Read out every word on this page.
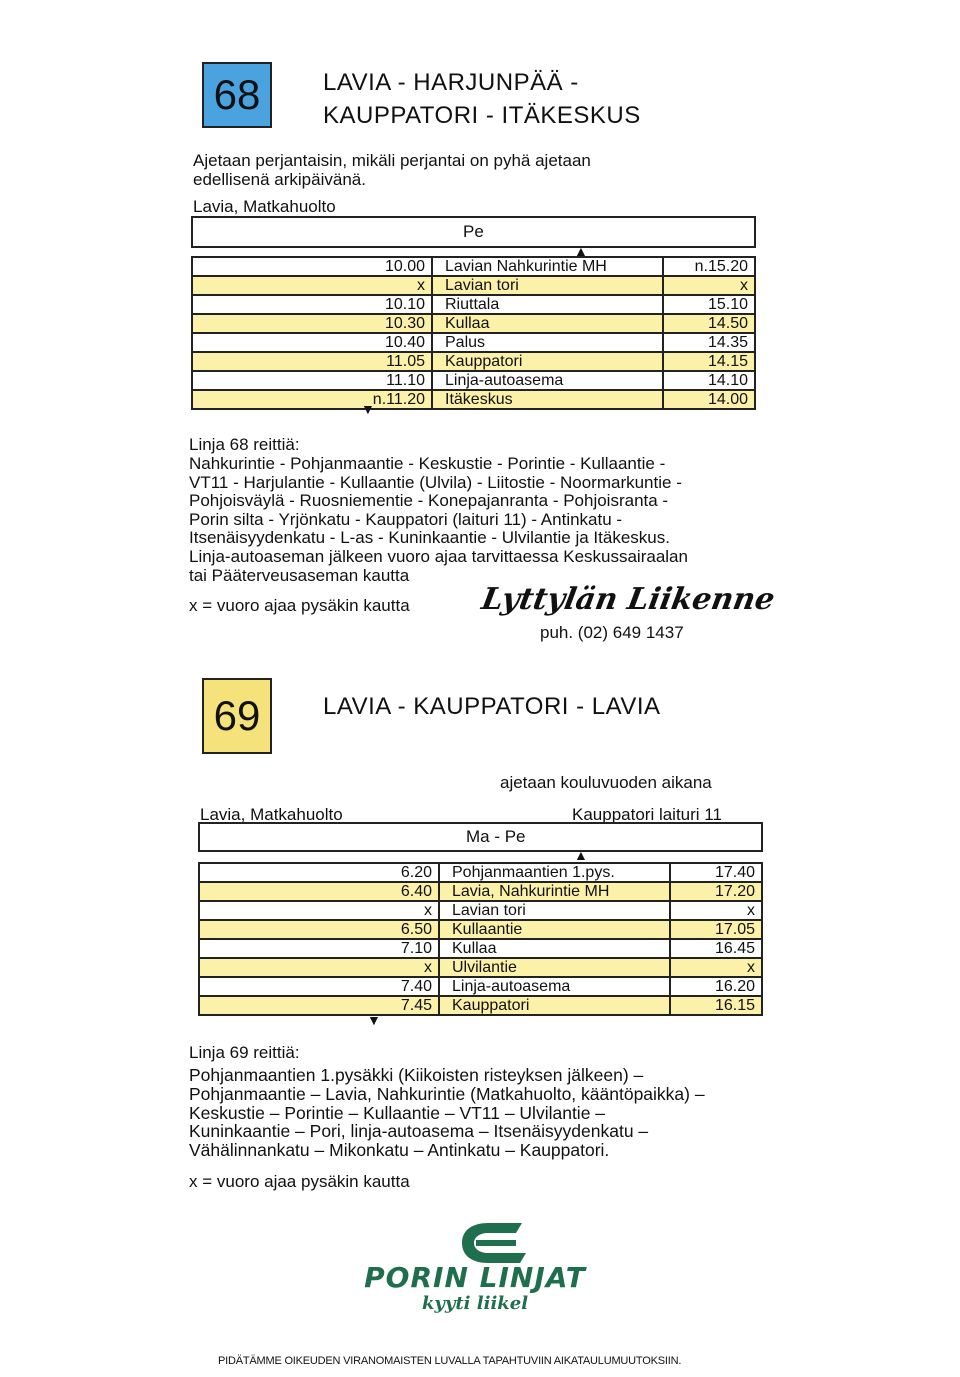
68	LAVIA - HARJUNPÄÄ -
KAUPPATORI - ITÄKESKUS
Ajetaan perjantaisin, mikäli perjantai on pyhä ajetaan
edellisenä arkipäivänä.
Lavia, Matkahuolto
Pe
▲
	10.00	Lavian Nahkurintie MH	n.15.20
	x	Lavian tori	x
	10.10	Riuttala	15.10
	10.30	Kullaa	14.50
	10.40	Palus	14.35
	11.05	Kauppatori	14.15
	11.10	Linja-autoasema	14.10
	n.11.20	Itäkeskus	14.00
▼
Linja 68 reittiä:
Nahkurintie - Pohjanmaantie - Keskustie - Porintie - Kullaantie -
VT11 - Harjulantie - Kullaantie (Ulvila) - Liitostie - Noormarkuntie -
Pohjoisväylä - Ruosniementie - Konepajanranta - Pohjoisranta -
Porin silta - Yrjönkatu - Kauppatori (laituri 11) - Antinkatu -
Itsenäisyydenkatu - L-as - Kuninkaantie - Ulvilantie ja Itäkeskus.
Linja-autoaseman jälkeen vuoro ajaa tarvittaessa Keskussairaalan
tai Pääterveusaseman kautta
x = vuoro ajaa pysäkin kautta Lyttylän Liikenne
puh. (02) 649 1437
69	LAVIA - KAUPPATORI - LAVIA
ajetaan kouluvuoden aikana
Lavia, Matkahuolto	Kauppatori laituri 11
Ma - Pe
▲
	6.20	Pohjanmaantien 1.pys.	17.40
	6.40	Lavia, Nahkurintie MH	17.20
	x	Lavian tori	x
	6.50	Kullaantie	17.05
	7.10	Kullaa	16.45
	x	Ulvilantie	x
	7.40	Linja-autoasema	16.20
	7.45	Kauppatori	16.15
▼
Linja 69 reittiä:
Pohjanmaantien 1.pysäkki (Kiikoisten risteyksen jälkeen) –
Pohjanmaantie – Lavia, Nahkurintie (Matkahuolto, kääntöpaikka) –
Keskustie – Porintie – Kullaantie – VT11 – Ulvilantie –
Kuninkaantie – Pori, linja-autoasema – Itsenäisyydenkatu –
Vähälinnankatu – Mikonkatu – Antinkatu – Kauppatori.
x = vuoro ajaa pysäkin kautta
PORIN LINJAT
kyyti liikel
PIDÄTÄMME OIKEUDEN VIRANOMAISTEN LUVALLA TAPAHTUVIIN AIKATAULUMUUTOKSIIN.
